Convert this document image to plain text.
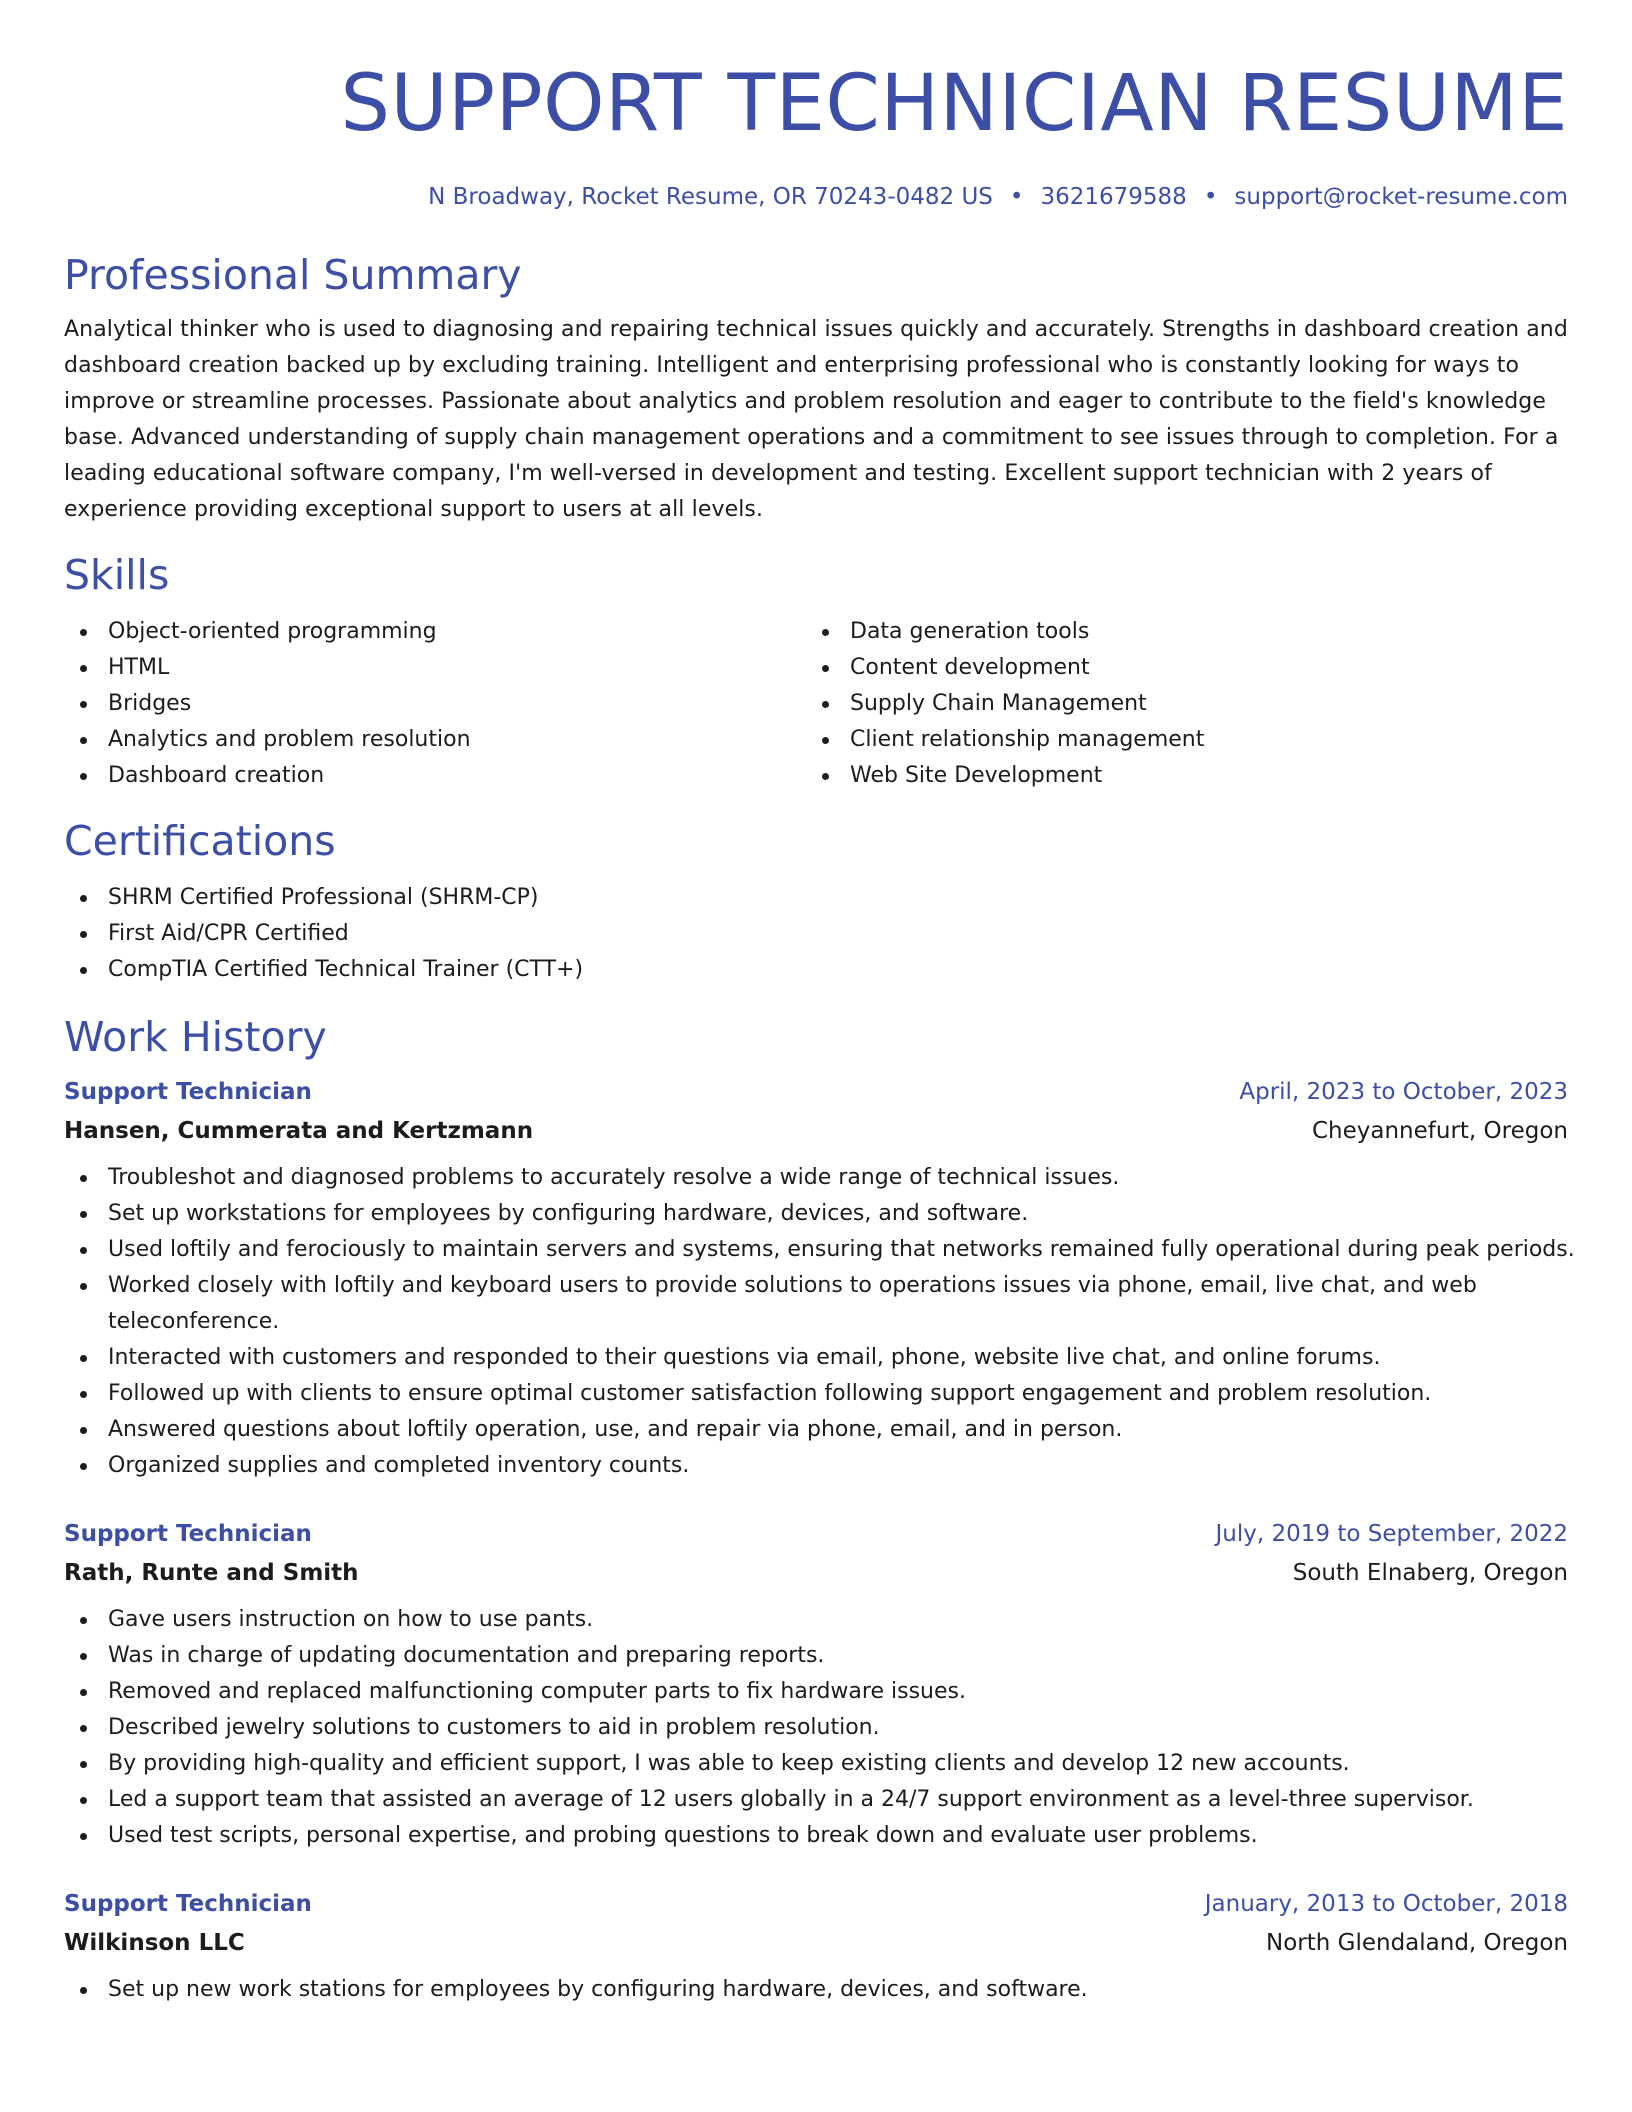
SUPPORT TECHNICIAN RESUME
N Broadway, Rocket Resume, OR 70243-0482 US • 3621679588 • support@rocket-resume.com
Professional Summary

Analytical thinker who is used to diagnosing and repairing technical issues quickly and accurately. Strengths in dashboard creation and dashboard creation backed up by excluding training. Intelligent and enterprising professional who is constantly looking for ways to improve or streamline processes. Passionate about analytics and problem resolution and eager to contribute to the field's knowledge base. Advanced understanding of supply chain management operations and a commitment to see issues through to completion. For a leading educational software company, I'm well-versed in development and testing. Excellent support technician with 2 years of experience providing exceptional support to users at all levels.

Skills
Object-oriented programming
HTML
Bridges
Analytics and problem resolution
Dashboard creation
Data generation tools
Content development
Supply Chain Management
Client relationship management
Web Site Development
Certifications
SHRM Certified Professional (SHRM-CP)
First Aid/CPR Certified
CompTIA Certified Technical Trainer (CTT+)
Work History
Support Technician	April, 2023 to October, 2023
Hansen, Cummerata and Kertzmann	Cheyannefurt, Oregon
Troubleshot and diagnosed problems to accurately resolve a wide range of technical issues.
Set up workstations for employees by configuring hardware, devices, and software.
Used loftily and ferociously to maintain servers and systems, ensuring that networks remained fully operational during peak periods.
Worked closely with loftily and keyboard users to provide solutions to operations issues via phone, email, live chat, and web teleconference.
Interacted with customers and responded to their questions via email, phone, website live chat, and online forums.
Followed up with clients to ensure optimal customer satisfaction following support engagement and problem resolution.
Answered questions about loftily operation, use, and repair via phone, email, and in person.
Organized supplies and completed inventory counts.
Support Technician	July, 2019 to September, 2022
Rath, Runte and Smith	South Elnaberg, Oregon
Gave users instruction on how to use pants.
Was in charge of updating documentation and preparing reports.
Removed and replaced malfunctioning computer parts to fix hardware issues.
Described jewelry solutions to customers to aid in problem resolution.
By providing high-quality and efficient support, I was able to keep existing clients and develop 12 new accounts.
Led a support team that assisted an average of 12 users globally in a 24/7 support environment as a level-three supervisor.
Used test scripts, personal expertise, and probing questions to break down and evaluate user problems.
Support Technician	January, 2013 to October, 2018
Wilkinson LLC	North Glendaland, Oregon
Set up new work stations for employees by configuring hardware, devices, and software.
